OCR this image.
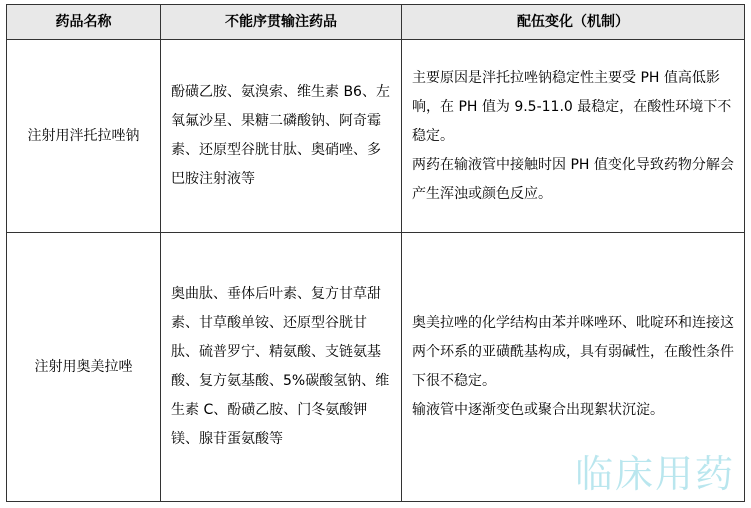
药品名称	不能序贯输注药品	配伍变化（机制）
注射用泮托拉唑钠	酚磺乙胺、氨溴索、维生素 B6、左氧氟沙星、果糖二磷酸钠、阿奇霉素、还原型谷胱甘肽、奥硝唑、多巴胺注射液等	主要原因是泮托拉唑钠稳定性主要受 PH 值高低影响，在 PH 值为 9.5-11.0 最稳定，在酸性环境下不稳定。
两药在输液管中接触时因 PH 值变化导致药物分解会产生浑浊或颜色反应。

注射用奥美拉唑	奥曲肽、垂体后叶素、复方甘草甜素、甘草酸单铵、还原型谷胱甘肽、硫普罗宁、精氨酸、支链氨基酸、复方氨基酸、5%碳酸氢钠、维生素 C、酚磺乙胺、门冬氨酸钾镁、腺苷蛋氨酸等	奥美拉唑的化学结构由苯并咪唑环、吡啶环和连接这两个环系的亚磺酰基构成，具有弱碱性，在酸性条件下很不稳定。
输液管中逐渐变色或聚合出现絮状沉淀。
临床用药
